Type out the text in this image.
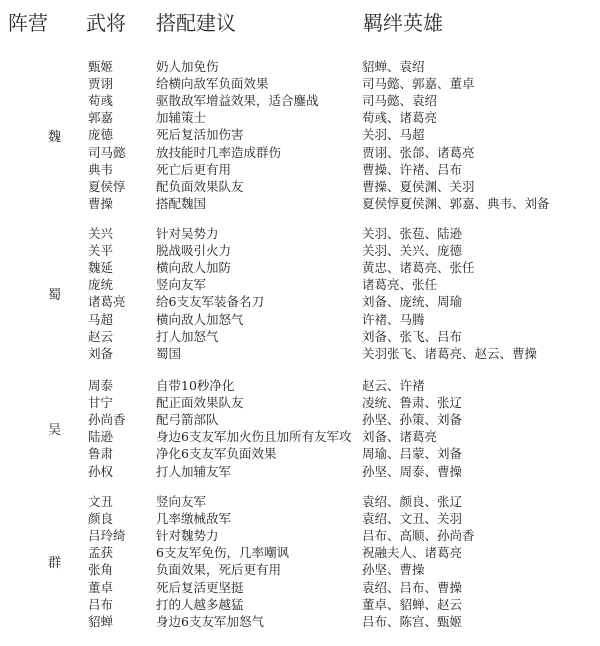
阵营 武将 搭配建议	羁绊英雄
魏
甄姬	奶人加免伤	貂蝉、袁绍
贾诩	给横向敌军负面效果	司马懿、郭嘉、董卓
荀彧	驱散敌军增益效果，适合鏖战	司马懿、袁绍
郭嘉	加辅策士	荀彧、诸葛亮
庞德	死后复活加伤害	关羽、马超
司马懿 放技能时几率造成群伤	贾诩、张郃、诸葛亮
典韦	死亡后更有用	曹操、许褚、吕布
夏侯惇 配负面效果队友	曹操、夏侯渊、关羽
曹操	搭配魏国	夏侯惇夏侯渊、郭嘉、典韦、刘备
蜀
关兴	针对吴势力	关羽、张苞、陆逊
关平	脱战吸引火力	关羽、关兴、庞德
魏延	横向敌人加防	黄忠、诸葛亮、张任
庞统	竖向友军	诸葛亮、张任
诸葛亮 给6支友军装备名刀	刘备、庞统、周瑜
马超	横向敌人加怒气	许褚、马腾
赵云	打人加怒气	刘备、张飞、吕布
刘备	蜀国	关羽张飞、诸葛亮、赵云、曹操
吴
周泰	自带10秒净化	赵云、许褚
甘宁	配正面效果队友	凌统、鲁肃、张辽
孙尚香 配弓箭部队	孙坚、孙策、刘备
陆逊	身边6支友军加火伤且加所有友军攻 刘备、诸葛亮
鲁肃	净化6支友军负面效果	周瑜、吕蒙、刘备
孙权	打人加辅友军	孙坚、周泰、曹操
群
文丑	竖向友军	袁绍、颜良、张辽
颜良	几率缴械敌军	袁绍、文丑、关羽
吕玲绮 针对魏势力	吕布、高顺、孙尚香
孟获	6支友军免伤，几率嘲讽	祝融夫人、诸葛亮
张角	负面效果，死后更有用	孙坚、曹操
董卓	死后复活更坚挺	袁绍、吕布、曹操
吕布	打的人越多越猛	董卓、貂蝉、赵云
貂蝉	身边6支友军加怒气	吕布、陈宫、甄姬
